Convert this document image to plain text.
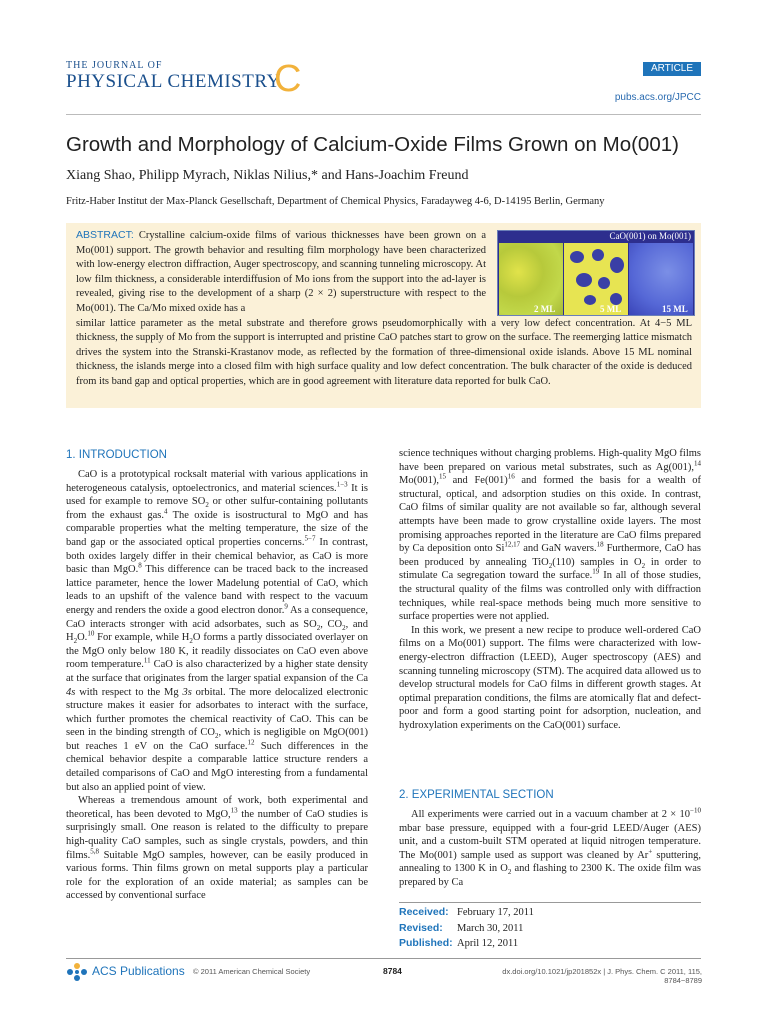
THE JOURNAL OF
PHYSICAL CHEMISTRY
C	ARTICLE
pubs.acs.org/JPCC
Growth and Morphology of Calcium-Oxide Films Grown on Mo(001)
Xiang Shao, Philipp Myrach, Niklas Nilius,* and Hans-Joachim Freund
Fritz-Haber Institut der Max-Planck Gesellschaft, Department of Chemical Physics, Faradayweg 4-6, D-14195 Berlin, Germany
ABSTRACT: Crystalline calcium-oxide films of various thicknesses have been grown on a Mo(001) support. The growth behavior and resulting film morphology have been characterized with low-energy electron diffraction, Auger spectroscopy, and scanning tunneling microscopy. At low film thickness, a considerable interdiffusion of Mo ions from the support into the ad-layer is revealed, giving rise to the development of a sharp (2 × 2) superstructure with respect to the Mo(001). The Ca/Mo mixed oxide has a
similar lattice parameter as the metal substrate and therefore grows pseudomorphically with a very low defect concentration. At 4−5 ML thickness, the supply of Mo from the support is interrupted and pristine CaO patches start to grow on the surface. The reemerging lattice mismatch drives the system into the Stranski-Krastanov mode, as reflected by the formation of three-dimensional oxide islands. Above 15 ML nominal thickness, the islands merge into a closed film with high surface quality and low defect concentration. The bulk character of the oxide is deduced from its band gap and optical properties, which are in good agreement with literature data reported for bulk CaO.
CaO(001) on Mo(001)
2 ML	5 ML	15 ML
1. INTRODUCTION

CaO is a prototypical rocksalt material with various applications in heterogeneous catalysis, optoelectronics, and material sciences.$^{1-3}$ It is used for example to remove $SO_2$ or other sulfur-containing pollutants from the exhaust gas.$^4$ The oxide is isostructural to MgO and has comparable properties what the melting temperature, the size of the band gap or the associated optical properties concerns.$^{5-7}$ In contrast, both oxides largely differ in their chemical behavior, as CaO is more basic than MgO.$^8$ This difference can be traced back to the increased lattice parameter, hence the lower Madelung potential of CaO, which leads to an upshift of the valence band with respect to the vacuum energy and renders the oxide a good electron donor.$^9$ As a consequence, CaO interacts stronger with acid adsorbates, such as $SO_2$, $CO_2$, and $H_2O.^{10}$ For example, while $H_2O$ forms a partly dissociated overlayer on the MgO only below 180 K, it readily dissociates on CaO even above room temperature.$^{11}$ CaO is also characterized by a higher state density at the surface that originates from the larger spatial expansion of the Ca 4s with respect to the Mg 3s orbital. The more delocalized electronic structure makes it easier for adsorbates to interact with the surface, which further promotes the chemical reactivity of CaO. This can be seen in the binding strength of $CO_2$, which is negligible on MgO(001) but reaches 1 eV on the CaO surface.$^{12}$ Such differences in the chemical behavior despite a comparable lattice structure renders a detailed comparisons of CaO and MgO interesting from a fundamental but also an applied point of view.

Whereas a tremendous amount of work, both experimental and theoretical, has been devoted to MgO,$^{13}$ the number of CaO studies is surprisingly small. One reason is related to the difficulty to prepare high-quality CaO samples, such as single crystals, powders, and thin films.$^{5,8}$ Suitable MgO samples, however, can be easily produced in various forms. Thin films grown on metal supports play a particular role for the exploration of an oxide material; as samples can be accessed by conventional surface

science techniques without charging problems. High-quality MgO films have been prepared on various metal substrates, such as Ag(001),$^{14}$ Mo(001),$^{15}$ and $Fe(001)^{16}$ and formed the basis for a wealth of structural, optical, and adsorption studies on this oxide. In contrast, CaO films of similar quality are not available so far, although several attempts have been made to grow crystalline oxide layers. The most promising approaches reported in the literature are CaO films prepared by Ca deposition onto Si$^{12,17}$ and GaN wavers.$^{18}$ Furthermore, CaO has been produced by annealing TiO$_2$(110) samples in $O_2$ in order to stimulate Ca segregation toward the surface.$^{19}$ In all of those studies, the structural quality of the films was controlled only with diffraction techniques, while real-space methods being much more sensitive to surface properties were not applied.

In this work, we present a new recipe to produce well-ordered CaO films on a Mo(001) support. The films were characterized with low-energy-electron diffraction (LEED), Auger spectroscopy (AES) and scanning tunneling microscopy (STM). The acquired data allowed us to develop structural models for CaO films in different growth stages. At optimal preparation conditions, the films are atomically flat and defect-poor and form a good starting point for adsorption, nucleation, and hydroxylation experiments on the CaO(001) surface.

2. EXPERIMENTAL SECTION

All experiments were carried out in a vacuum chamber at $2 \times 10^{-10}$ mbar base pressure, equipped with a four-grid LEED/Auger (AES) unit, and a custom-built STM operated at liquid nitrogen temperature. The Mo(001) sample used as support was cleaned by Ar+ sputtering, annealing to 1300 K in $O_2$ and flashing to 2300 K. The oxide film was prepared by Ca

Received: February 17, 2011
Revised: March 30, 2011
Published: April 12, 2011
ACS Publications © 2011 American Chemical Society	8784	dx.doi.org/10.1021/jp201852x | J. Phys. Chem. C 2011, 115, 8784−8789
